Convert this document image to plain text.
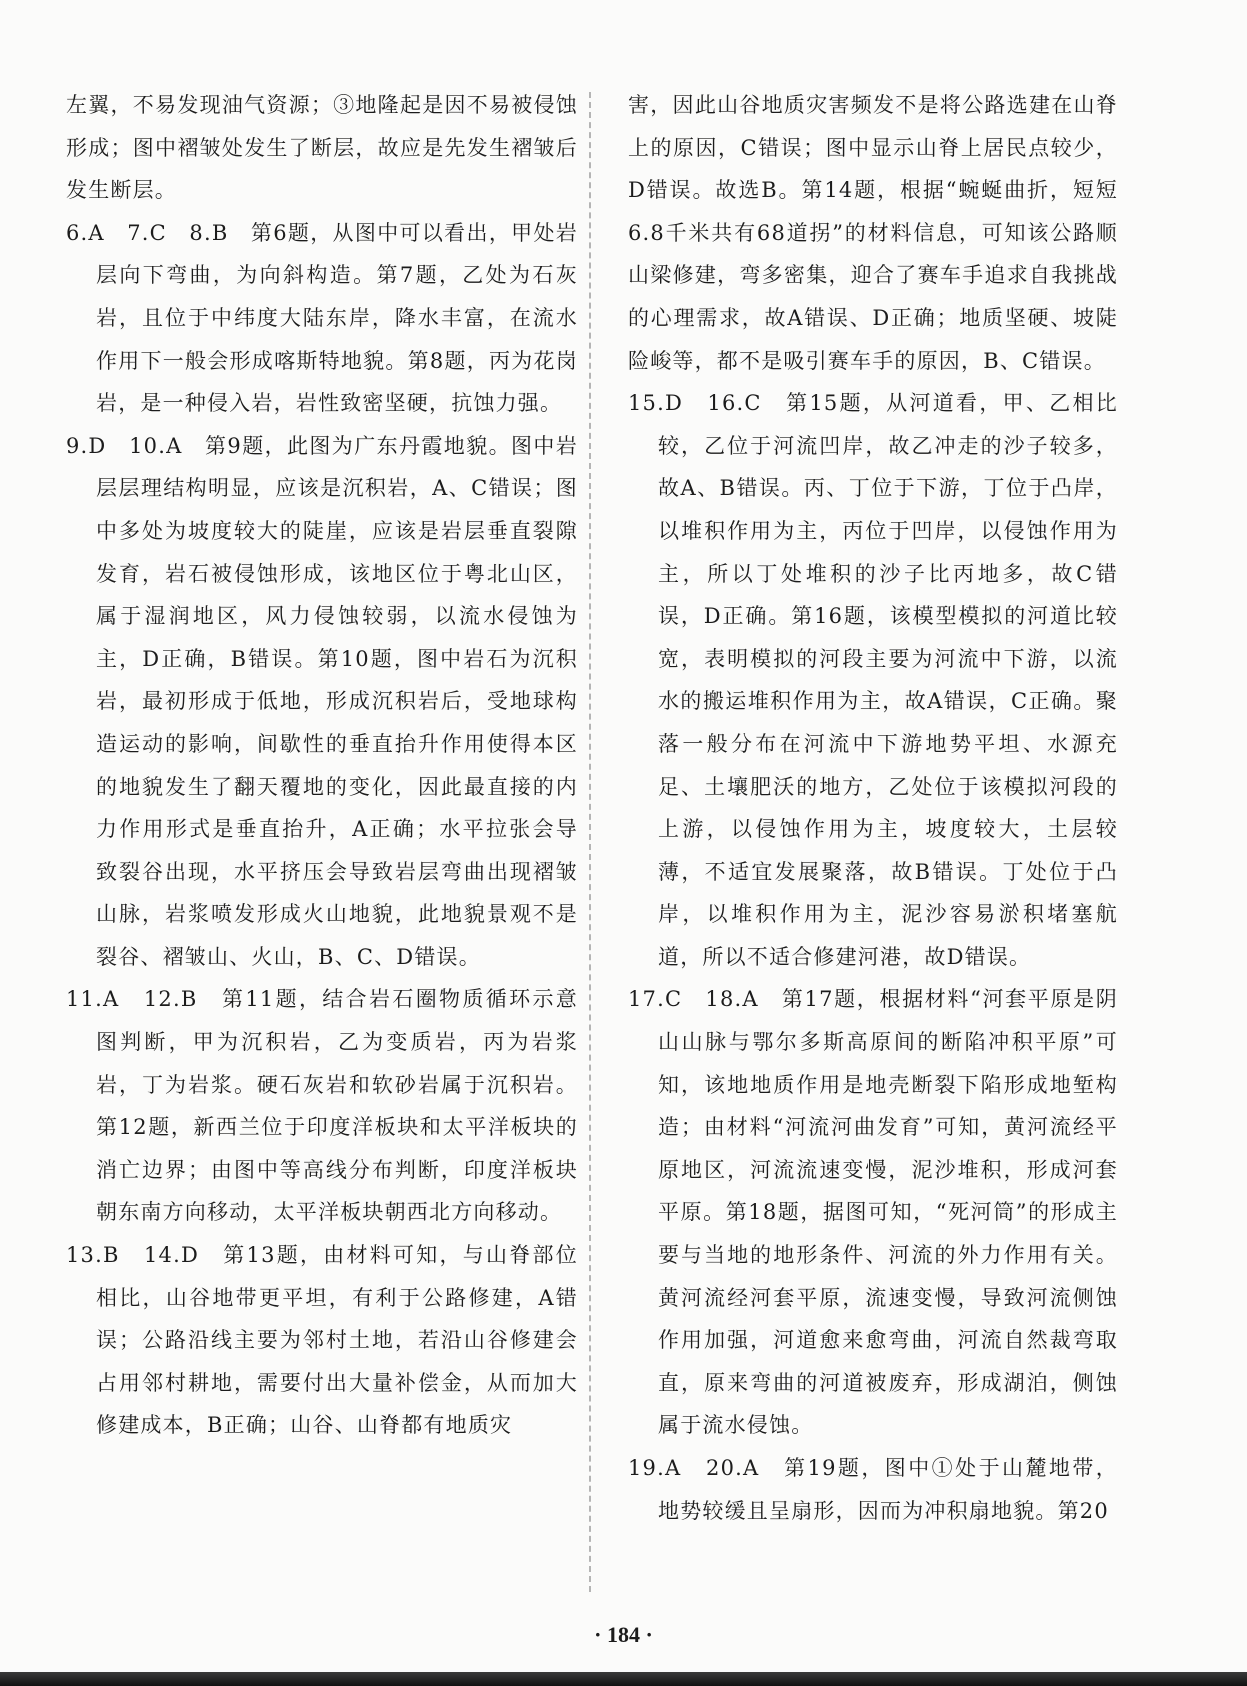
左翼，不易发现油气资源；③地隆起是因不易被侵蚀形成；图中褶皱处发生了断层，故应是先发生褶皱后发生断层。

6.A　7.C　8.B　第6题，从图中可以看出，甲处岩层向下弯曲，为向斜构造。第7题，乙处为石灰岩，且位于中纬度大陆东岸，降水丰富，在流水作用下一般会形成喀斯特地貌。第8题，丙为花岗岩，是一种侵入岩，岩性致密坚硬，抗蚀力强。

9.D　10.A　第9题，此图为广东丹霞地貌。图中岩层层理结构明显，应该是沉积岩，A、C错误；图中多处为坡度较大的陡崖，应该是岩层垂直裂隙发育，岩石被侵蚀形成，该地区位于粤北山区，属于湿润地区，风力侵蚀较弱，以流水侵蚀为主，D正确，B错误。第10题，图中岩石为沉积岩，最初形成于低地，形成沉积岩后，受地球构造运动的影响，间歇性的垂直抬升作用使得本区的地貌发生了翻天覆地的变化，因此最直接的内力作用形式是垂直抬升，A正确；水平拉张会导致裂谷出现，水平挤压会导致岩层弯曲出现褶皱山脉，岩浆喷发形成火山地貌，此地貌景观不是裂谷、褶皱山、火山，B、C、D错误。

11.A　12.B　第11题，结合岩石圈物质循环示意图判断，甲为沉积岩，乙为变质岩，丙为岩浆岩，丁为岩浆。硬石灰岩和软砂岩属于沉积岩。第12题，新西兰位于印度洋板块和太平洋板块的消亡边界；由图中等高线分布判断，印度洋板块朝东南方向移动，太平洋板块朝西北方向移动。

13.B　14.D　第13题，由材料可知，与山脊部位相比，山谷地带更平坦，有利于公路修建，A错误；公路沿线主要为邻村土地，若沿山谷修建会占用邻村耕地，需要付出大量补偿金，从而加大修建成本，B正确；山谷、山脊都有地质灾

害，因此山谷地质灾害频发不是将公路选建在山脊上的原因，C错误；图中显示山脊上居民点较少，D错误。故选B。第14题，根据“蜿蜒曲折，短短6.8千米共有68道拐”的材料信息，可知该公路顺山梁修建，弯多密集，迎合了赛车手追求自我挑战的心理需求，故A错误、D正确；地质坚硬、坡陡险峻等，都不是吸引赛车手的原因，B、C错误。

15.D　16.C　第15题，从河道看，甲、乙相比较，乙位于河流凹岸，故乙冲走的沙子较多，故A、B错误。丙、丁位于下游，丁位于凸岸，以堆积作用为主，丙位于凹岸，以侵蚀作用为主，所以丁处堆积的沙子比丙地多，故C错误，D正确。第16题，该模型模拟的河道比较宽，表明模拟的河段主要为河流中下游，以流水的搬运堆积作用为主，故A错误，C正确。聚落一般分布在河流中下游地势平坦、水源充足、土壤肥沃的地方，乙处位于该模拟河段的上游，以侵蚀作用为主，坡度较大，土层较薄，不适宜发展聚落，故B错误。丁处位于凸岸，以堆积作用为主，泥沙容易淤积堵塞航道，所以不适合修建河港，故D错误。

17.C　18.A　第17题，根据材料“河套平原是阴山山脉与鄂尔多斯高原间的断陷冲积平原”可知，该地地质作用是地壳断裂下陷形成地堑构造；由材料“河流河曲发育”可知，黄河流经平原地区，河流流速变慢，泥沙堆积，形成河套平原。第18题，据图可知，“死河筒”的形成主要与当地的地形条件、河流的外力作用有关。黄河流经河套平原，流速变慢，导致河流侧蚀作用加强，河道愈来愈弯曲，河流自然裁弯取直，原来弯曲的河道被废弃，形成湖泊，侧蚀属于流水侵蚀。

19.A　20.A　第19题，图中①处于山麓地带，地势较缓且呈扇形，因而为冲积扇地貌。第20

· 184 ·
